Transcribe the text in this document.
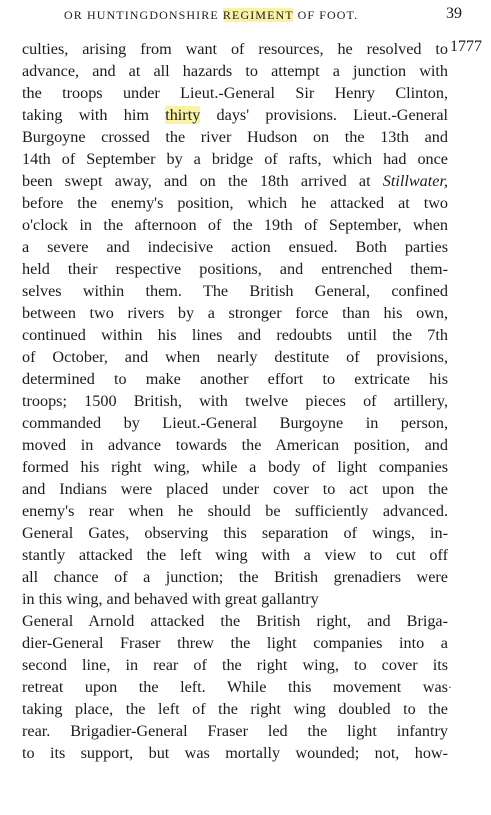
OR HUNTINGDONSHIRE REGIMENT OF FOOT.	39
1777
culties, arising from want of resources, he resolved to
advance, and at all hazards to attempt a junction with
the troops under Lieut.-General Sir Henry Clinton,
taking with him thirty days' provisions. Lieut.-General
Burgoyne crossed the river Hudson on the 13th and
14th of September by a bridge of rafts, which had once
been swept away, and on the 18th arrived at Stillwater,
before the enemy's position, which he attacked at two
o'clock in the afternoon of the 19th of September, when
a severe and indecisive action ensued. Both parties
held their respective positions, and entrenched them-
selves within them. The British General, confined
between two rivers by a stronger force than his own,
continued within his lines and redoubts until the 7th
of October, and when nearly destitute of provisions,
determined to make another effort to extricate his
troops; 1500 British, with twelve pieces of artillery,
commanded by Lieut.-General Burgoyne in person,
moved in advance towards the American position, and
formed his right wing, while a body of light companies
and Indians were placed under cover to act upon the
enemy's rear when he should be sufficiently advanced.
General Gates, observing this separation of wings, in-
stantly attacked the left wing with a view to cut off
all chance of a junction; the British grenadiers were
in this wing, and behaved with great gallantry
General Arnold attacked the British right, and Briga-
dier-General Fraser threw the light companies into a
second line, in rear of the right wing, to cover its
retreat upon the left. While this movement was
taking place, the left of the right wing doubled to the
rear. Brigadier-General Fraser led the light infantry
to its support, but was mortally wounded; not, how-
·
